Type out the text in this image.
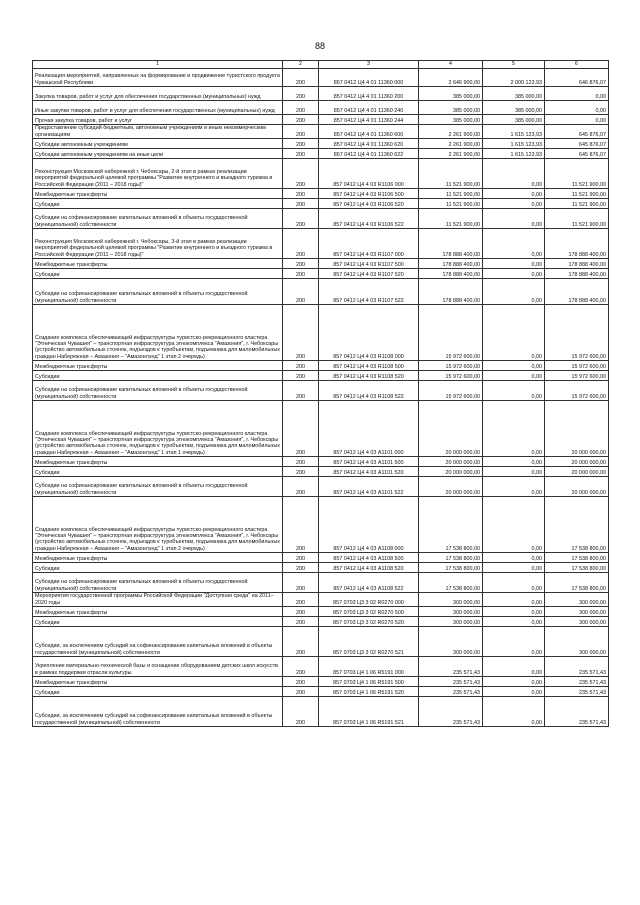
88
1	2	3	4	5	6
Реализация мероприятий, направленных на формирование и продвижение туристского продукта Чувашской Республики	200	857 0412 Ц4 4 01 11360 000	2 646 900,00	2 000 123,93	646 876,07
Закупка товаров, работ и услуг для обеспечения государственных (муниципальных) нужд	200	857 0412 Ц4 4 01 11360 200	385 000,00	385 000,00	0,00
Иные закупки товаров, работ и услуг для обеспечения государственных (муниципальных) нужд	200	857 0412 Ц4 4 01 11360 240	385 000,00	385 000,00	0,00
Прочая закупка товаров, работ и услуг	200	857 0412 Ц4 4 01 11360 244	385 000,00	385 000,00	0,00
Предоставление субсидий бюджетным, автономным учреждениям и иным некоммерческим организациям	200	857 0412 Ц4 4 01 11360 600	2 261 900,00	1 615 123,93	645 876,07
Субсидии автономным учреждениям	200	857 0412 Ц4 4 01 11360 620	2 261 900,00	1 615 123,93	645 876,07
Субсидии автономным учреждениям на иные цели	200	857 0412 Ц4 4 01 11360 622	2 261 900,00	1 615 123,93	645 876,07
Реконструкция Московской набережной г. Чебоксары, 2-й этап в рамках реализации мероприятий федеральной целевой программы "Развитие внутреннего и въездного туризма в Российской Федерации (2011 – 2018 годы)"	200	857 0412 Ц4 4 03 R1106 000	11 521 900,00	0,00	11 521 900,00
Межбюджетные трансферты	200	857 0412 Ц4 4 03 R1106 500	11 521 900,00	0,00	11 521 900,00
Субсидии	200	857 0412 Ц4 4 03 R1106 520	11 521 900,00	0,00	11 521 900,00
Субсидии на софинансирование капитальных вложений в объекты государственной (муниципальной) собственности	200	857 0412 Ц4 4 03 R1106 522	11 521 900,00	0,00	11 521 900,00
Реконструкция Московской набережной г. Чебоксары, 3-й этап в рамках реализации мероприятий федеральной целевой программы "Развитие внутреннего и въездного туризма в Российской Федерации (2011 – 2018 годы)"	200	857 0412 Ц4 4 03 R1107 000	178 888 400,00	0,00	178 888 400,00
Межбюджетные трансферты	200	857 0412 Ц4 4 03 R1107 500	178 888 400,00	0,00	178 888 400,00
Субсидии	200	857 0412 Ц4 4 03 R1107 520	178 888 400,00	0,00	178 888 400,00
Субсидии на софинансирование капитальных вложений в объекты государственной (муниципальной) собственности	200	857 0412 Ц4 4 03 R1107 522	178 888 400,00	0,00	178 888 400,00
Создание комплекса обеспечивающей инфраструктуры туристско-рекреационного кластера "Этническая Чувашия" – транспортная инфраструктура этнокомплекса "Амазония", г. Чебоксары (устройство автомобильных стоянок, подъездов к туробъектам, подъемника для маломобильных граждан Набережная – Амазония – "Амазонлэнд" 1 этап 2 очередь)	200	857 0412 Ц4 4 03 R1108 000	15 972 600,00	0,00	15 972 600,00
Межбюджетные трансферты	200	857 0412 Ц4 4 03 R1108 500	15 972 600,00	0,00	15 972 600,00
Субсидии	200	857 0412 Ц4 4 03 R1108 520	15 972 600,00	0,00	15 972 600,00
Субсидии на софинансирование капитальных вложений в объекты государственной (муниципальной) собственности	200	857 0412 Ц4 4 03 R1108 522	15 972 600,00	0,00	15 972 600,00
Создание комплекса обеспечивающей инфраструктуры туристско-рекреационного кластера "Этническая Чувашия" – транспортная инфраструктура этнокомплекса "Амазония", г. Чебоксары (устройство автомобильных стоянок, подъездов к туробъектам, подъемника для маломобильных граждан Набережная – Амазония – "Амазонлэнд" 1 этап 1 очередь)	200	857 0412 Ц4 4 03 А1101 000	20 000 000,00	0,00	20 000 000,00
Межбюджетные трансферты	200	857 0412 Ц4 4 03 А1101 500	20 000 000,00	0,00	20 000 000,00
Субсидии	200	857 0412 Ц4 4 03 А1101 520	20 000 000,00	0,00	20 000 000,00
Субсидии на софинансирование капитальных вложений в объекты государственной (муниципальной) собственности	200	857 0412 Ц4 4 03 А1101 522	20 000 000,00	0,00	20 000 000,00
Создание комплекса обеспечивающей инфраструктуры туристско-рекреационного кластера "Этническая Чувашия" – транспортная инфраструктура этнокомплекса "Амазония", г. Чебоксары (устройство автомобильных стоянок, подъездов к туробъектам, подъемника для маломобильных граждан Набережная – Амазония – "Амазонлэнд" 1 этап 2 очередь)	200	857 0412 Ц4 4 03 А1108 000	17 538 800,00	0,00	17 538 800,00
Межбюджетные трансферты	200	857 0412 Ц4 4 03 А1108 500	17 538 800,00	0,00	17 538 800,00
Субсидии	200	857 0412 Ц4 4 03 А1108 520	17 538 800,00	0,00	17 538 800,00
Субсидии на софинансирование капитальных вложений в объекты государственной (муниципальной) собственности	200	857 0412 Ц4 4 03 А1108 522	17 538 800,00	0,00	17 538 800,00
Мероприятия государственной программы Российской Федерации "Доступная среда" на 2011–2020 годы	200	857 0703 Ц3 3 02 R0270 000	300 000,00	0,00	300 000,00
Межбюджетные трансферты	200	857 0703 Ц3 3 02 R0270 500	300 000,00	0,00	300 000,00
Субсидии	200	857 0703 Ц3 3 02 R0270 520	300 000,00	0,00	300 000,00
Субсидии, за исключением субсидий на софинансирование капитальных вложений в объекты государственной (муниципальной) собственности	200	857 0703 Ц3 3 02 R0270 521	300 000,00	0,00	300 000,00
Укрепление материально-технической базы и оснащение оборудованием детских школ искусств в рамках поддержки отрасли культуры	200	857 0703 Ц4 1 06 R5191 000	235 571,43	0,00	235 571,43
Межбюджетные трансферты	200	857 0703 Ц4 1 06 R5191 500	235 571,43	0,00	235 571,43
Субсидии	200	857 0703 Ц4 1 06 R5191 520	235 571,43	0,00	235 571,43
Субсидии, за исключением субсидий на софинансирование капитальных вложений в объекты государственной (муниципальной) собственности	200	857 0703 Ц4 1 06 R5191 521	235 571,43	0,00	235 571,43
